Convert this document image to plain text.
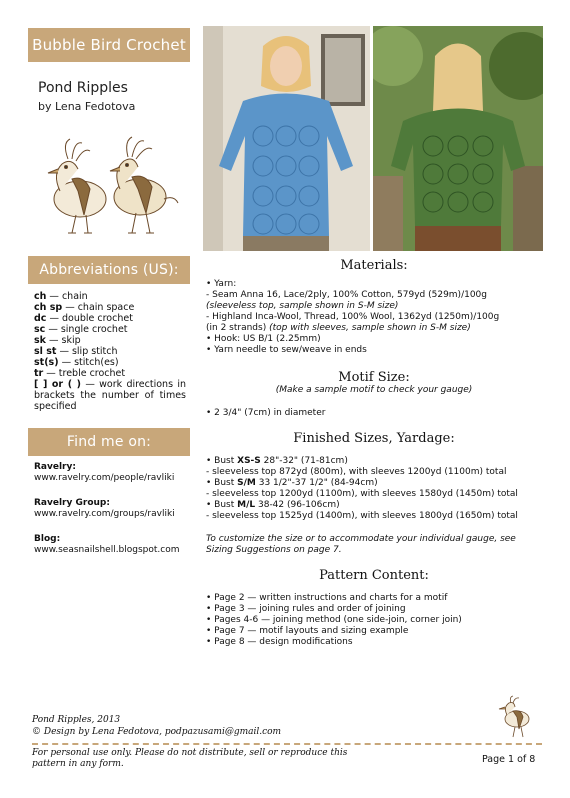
Bubble Bird Crochet
Pond Ripples
by Lena Fedotova
Abbreviations (US):
ch — chain
ch sp — chain space
dc — double crochet
sc — single crochet
sk — skip
sl st — slip stitch
st(s) — stitch(es)
tr — treble crochet
[ ] or ( ) — work directions in brackets the number of times specified
Find me on:
Ravelry:
www.ravelry.com/people/ravliki
Ravelry Group:
www.ravelry.com/groups/ravliki
Blog:
www.seasnailshell.blogspot.com
Materials:

• Yarn:

- Seam Anna 16, Lace/2ply, 100% Cotton, 579yd (529m)/100g

(sleeveless top, sample shown in S-M size)

- Highland Inca-Wool, Thread, 100% Wool, 1362yd (1250m)/100g

(in 2 strands) (top with sleeves, sample shown in S-M size)

• Hook: US B/1 (2.25mm)

• Yarn needle to sew/weave in ends

Motif Size:

(Make a sample motif to check your gauge)

• 2 3/4" (7cm) in diameter

Finished Sizes, Yardage:

• Bust XS-S 28"-32" (71-81cm)

- sleeveless top 872yd (800m), with sleeves 1200yd (1100m) total

• Bust S/M 33 1/2"-37 1/2" (84-94cm)

- sleeveless top 1200yd (1100m), with sleeves 1580yd (1450m) total

• Bust M/L 38-42 (96-106cm)

- sleeveless top 1525yd (1400m), with sleeves 1800yd (1650m) total

To customize the size or to accommodate your individual gauge, see Sizing Suggestions on page 7.

Pattern Content:

• Page 2 — written instructions and charts for a motif

• Page 3 — joining rules and order of joining

• Pages 4-6 — joining method (one side-join, corner join)

• Page 7 — motif layouts and sizing example

• Page 8 — design modifications

Pond Ripples, 2013
© Design by Lena Fedotova, podpazusami@gmail.com
For personal use only. Please do not distribute, sell or reproduce this pattern in any form.	Page 1 of 8
